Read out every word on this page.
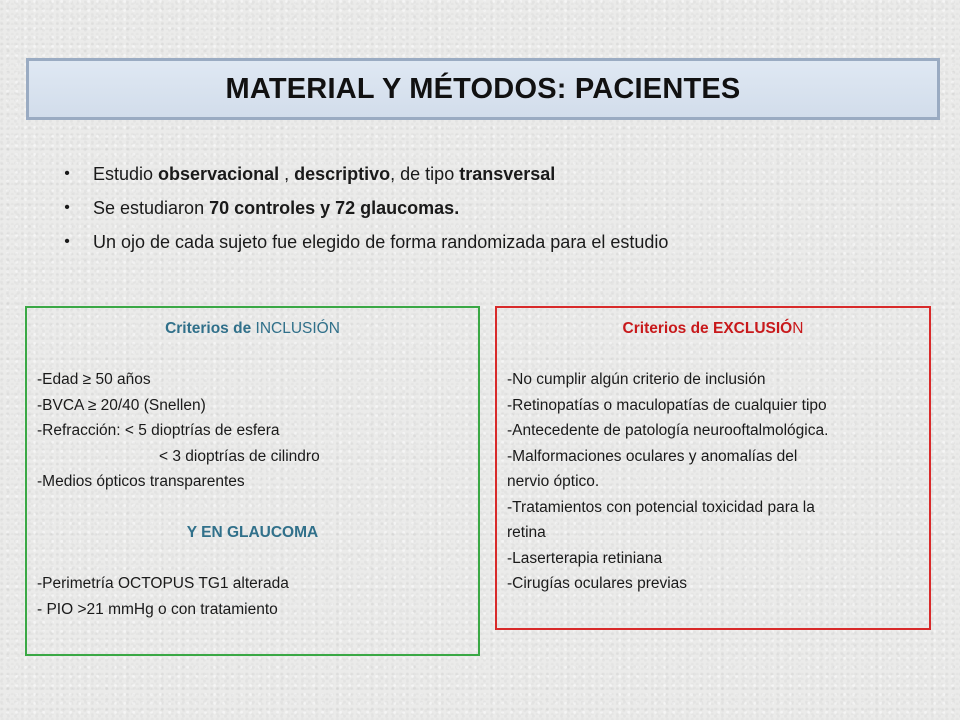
MATERIAL Y MÉTODOS: PACIENTES
• Estudio observacional , descriptivo, de tipo transversal
• Se estudiaron 70 controles y 72 glaucomas.
• Un ojo de cada sujeto fue elegido de forma randomizada para el estudio
Criterios de INCLUSIÓN
-Edad ≥ 50 años
-BVCA ≥ 20/40 (Snellen)
-Refracción: < 5 dioptrías de esfera
< 3 dioptrías de cilindro
-Medios ópticos transparentes
Y EN GLAUCOMA
-Perimetría OCTOPUS TG1 alterada
- PIO >21 mmHg o con tratamiento
Criterios de EXCLUSIÓN
-No cumplir algún criterio de inclusión
-Retinopatías o maculopatías de cualquier tipo
-Antecedente de patología neurooftalmológica.
-Malformaciones oculares y anomalías del
nervio óptico.
-Tratamientos con potencial toxicidad para la
retina
-Laserterapia retiniana
-Cirugías oculares previas
